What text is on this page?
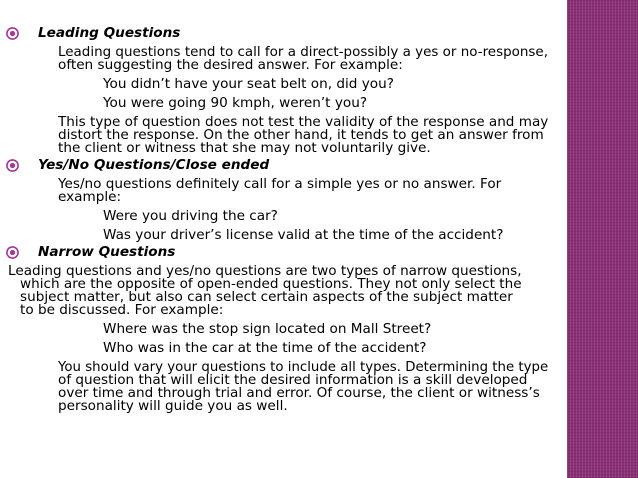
Leading Questions
Leading questions tend to call for a direct-possibly a yes or no-response,
often suggesting the desired answer. For example:
You didn’t have your seat belt on, did you?
You were going 90 kmph, weren’t you?
This type of question does not test the validity of the response and may
distort the response. On the other hand, it tends to get an answer from
the client or witness that she may not voluntarily give.
Yes/No Questions/Close ended
Yes/no questions definitely call for a simple yes or no answer. For
example:
Were you driving the car?
Was your driver’s license valid at the time of the accident?
Narrow Questions
Leading questions and yes/no questions are two types of narrow questions,
which are the opposite of open-ended questions. They not only select the
subject matter, but also can select certain aspects of the subject matter
to be discussed. For example:
Where was the stop sign located on Mall Street?
Who was in the car at the time of the accident?
You should vary your questions to include all types. Determining the type
of question that will elicit the desired information is a skill developed
over time and through trial and error. Of course, the client or witness’s
personality will guide you as well.
